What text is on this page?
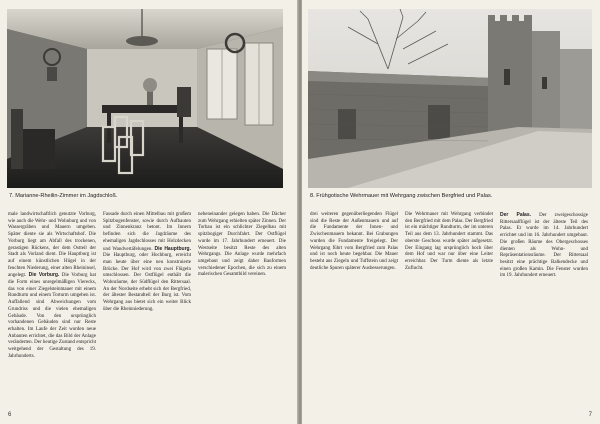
7. Marianne-Rheilin-Zimmer im Jagdschloß.

male landwirtschaftlich genutzte Vorburg, wie auch die Wehr- und Wohnburg und von Wassergräben und Mauern umgeben. Später diente sie als Wirtschaftshof. Die Vorburg liegt am Abfall des trockenen, gerastigen Rückens, der dem Ostteil der Stadt als Vorland dient. Die Hauptburg ist auf einem künstlichen Hügel in der feuchten Niederung, einer alten Rheininsel, angelegt. Die Vorburg. Die Vorburg hat die Form eines unregelmäßigen Vierecks, das von einer Ziegelsteinmauer mit einem Rundturm und einem Torturm umgeben ist. Auffallend sind Abweichungen vom Grundriss und die vielen ehemaligen Gebäude. Von den ursprünglich vorhandenen Gebäuden sind nur Reste erhalten. Im Laufe der Zeit wurden neue Anbauten errichtet, die das Bild der Anlage veränderten. Der heutige Zustand entspricht weitgehend der Gestaltung des 19. Jahrhunderts.

Fassade durch einen Mittelbau mit großem Spitzbogenfenster, sowie durch Aufbauten und Zinnenkranz betont. Im Innern befinden sich die Jagdräume des ehemaligen Jagdschlosses mit Holzdecken und Wandvertäfelungen. Die Hauptburg. Die Hauptburg, oder Hochburg, erreicht man heute über eine neu konstruierte Brücke. Der Hof wird von zwei Flügeln umschlossen. Der Ostflügel enthält die Wohnräume, der Südflügel den Rittersaal. An der Nordseite erhebt sich der Bergfried, der ältester Bestandteil der Burg ist. Vom Wehrgang aus bietet sich ein weiter Blick über die Rheinniederung.

nebeneinander gelegen haben. Die Dächer zum Wehrgang erhielten später Zinnen. Der Torbau ist ein schlichter Ziegelbau mit spitzbogiger Durchfahrt. Der Ostflügel wurde im 17. Jahrhundert erneuert. Die Westseite besitzt Reste des alten Wehrgangs. Die Anlage wurde mehrfach umgebaut und zeigt daher Bauformen verschiedener Epochen, die sich zu einem malerischen Gesamtbild vereinen.

6
8. Frühgotische Wehrmauer mit Wehrgang zwischen Bergfried und Palas.

drei weiteren gegenüberliegenden Flügel sind die Reste der Außenmauern und auf die Fundamente der Innen- und Zwischenmauern bekannt. Bei Grabungen wurden die Fundamente freigelegt. Der Wehrgang führt vom Bergfried zum Palas und ist noch heute begehbar. Die Mauer besteht aus Ziegeln und Tuffstein und zeigt deutliche Spuren späterer Ausbesserungen.

Die Wehrmauer mit Wehrgang verbindet den Bergfried mit dem Palas. Der Bergfried ist ein mächtiger Rundturm, der im unteren Teil aus dem 13. Jahrhundert stammt. Das oberste Geschoss wurde später aufgesetzt. Der Eingang lag ursprünglich hoch über dem Hof und war nur über eine Leiter erreichbar. Der Turm diente als letzte Zuflucht.

Der Palas. Der zweigeschossige Rittersaalflügel ist der älteste Teil des Palas. Er wurde im 14. Jahrhundert errichtet und im 16. Jahrhundert umgebaut. Die großen Räume des Obergeschosses dienten als Wohn- und Repräsentationsräume. Der Rittersaal besitzt eine prächtige Balkendecke und einen großen Kamin. Die Fenster wurden im 19. Jahrhundert erneuert.

7
